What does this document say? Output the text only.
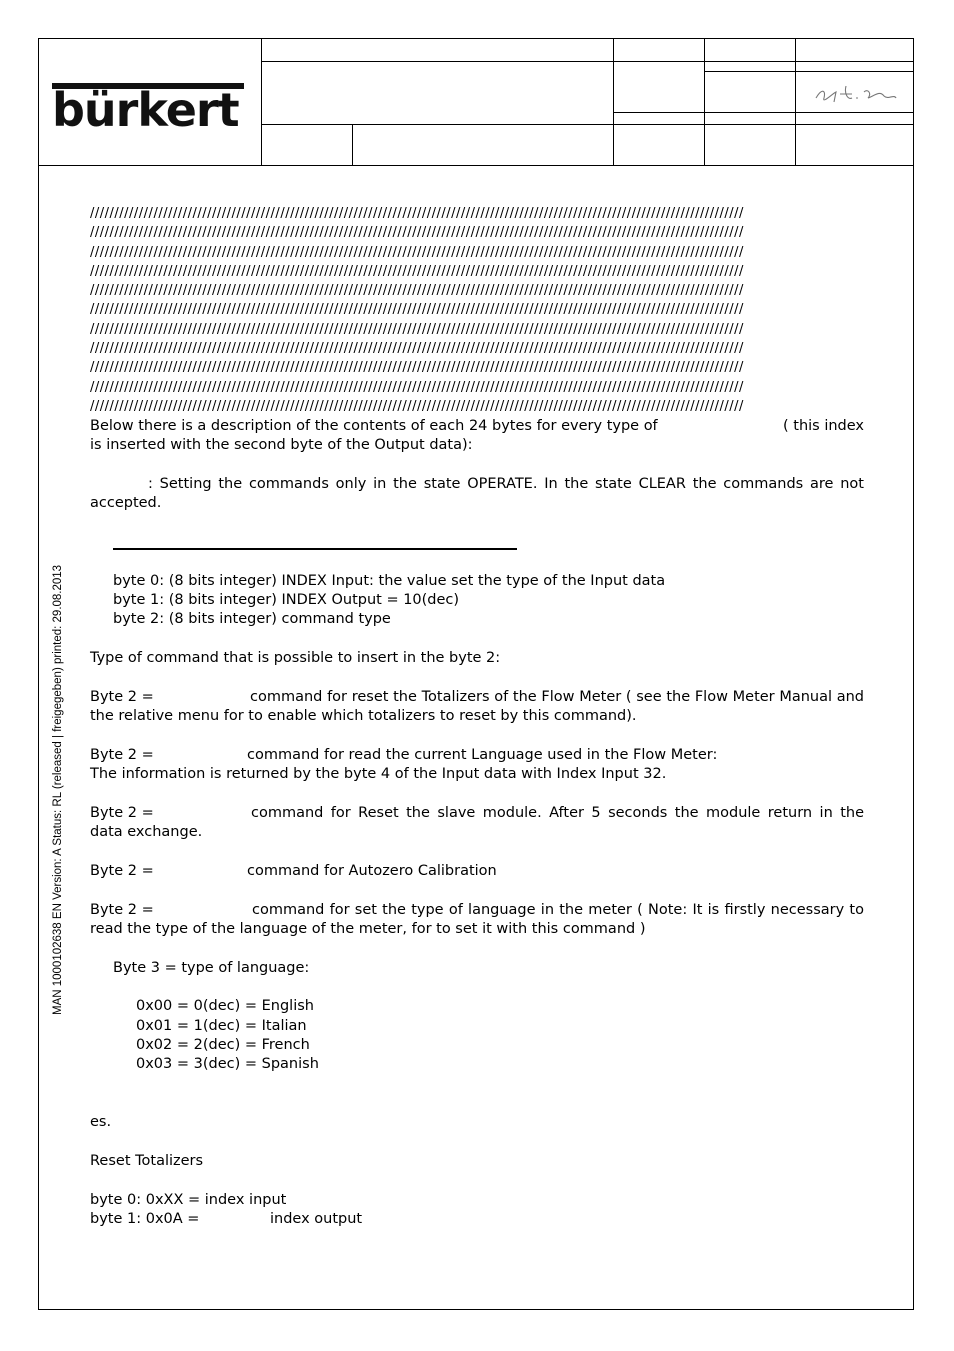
bürkert
MAN 1000102638 EN Version: A Status: RL (released | freigegeben) printed: 29.08.2013
//////////////////////////////////////////////////////////////////////////////////////////////////////////////////////////////////////
//////////////////////////////////////////////////////////////////////////////////////////////////////////////////////////////////////
//////////////////////////////////////////////////////////////////////////////////////////////////////////////////////////////////////
//////////////////////////////////////////////////////////////////////////////////////////////////////////////////////////////////////
//////////////////////////////////////////////////////////////////////////////////////////////////////////////////////////////////////
//////////////////////////////////////////////////////////////////////////////////////////////////////////////////////////////////////
//////////////////////////////////////////////////////////////////////////////////////////////////////////////////////////////////////
//////////////////////////////////////////////////////////////////////////////////////////////////////////////////////////////////////
//////////////////////////////////////////////////////////////////////////////////////////////////////////////////////////////////////
//////////////////////////////////////////////////////////////////////////////////////////////////////////////////////////////////////
//////////////////////////////////////////////////////////////////////////////////////////////////////////////////////////////////////
Below there is a description of the contents of each 24 bytes for every type of	( this index
is inserted with the second byte of the Output data):
: Setting the commands only in the state OPERATE. In the state CLEAR the commands are not accepted.
byte 0: (8 bits integer) INDEX Input: the value set the type of the Input data
byte 1: (8 bits integer) INDEX Output = 10(dec)
byte 2: (8 bits integer) command type
Type of command that is possible to insert in the byte 2:
Byte 2 =	command for reset the Totalizers of the Flow Meter ( see the Flow Meter Manual and the relative menu for to enable which totalizers to reset by this command).
Byte 2 =	command for read the current Language used in the Flow Meter:
The information is returned by the byte 4 of the Input data with Index Input 32.
Byte 2 =	command for Reset the slave module. After 5 seconds the module return in the data exchange.
Byte 2 =	command for Autozero Calibration
Byte 2 =	command for set the type of language in the meter ( Note: It is firstly necessary to read the type of the language of the meter, for to set it with this command )
Byte 3 = type of language:
0x00 = 0(dec) = English
0x01 = 1(dec) = Italian
0x02 = 2(dec) = French
0x03 = 3(dec) = Spanish
es.
Reset Totalizers
byte 0: 0xXX = index input
byte 1: 0x0A =	index output
